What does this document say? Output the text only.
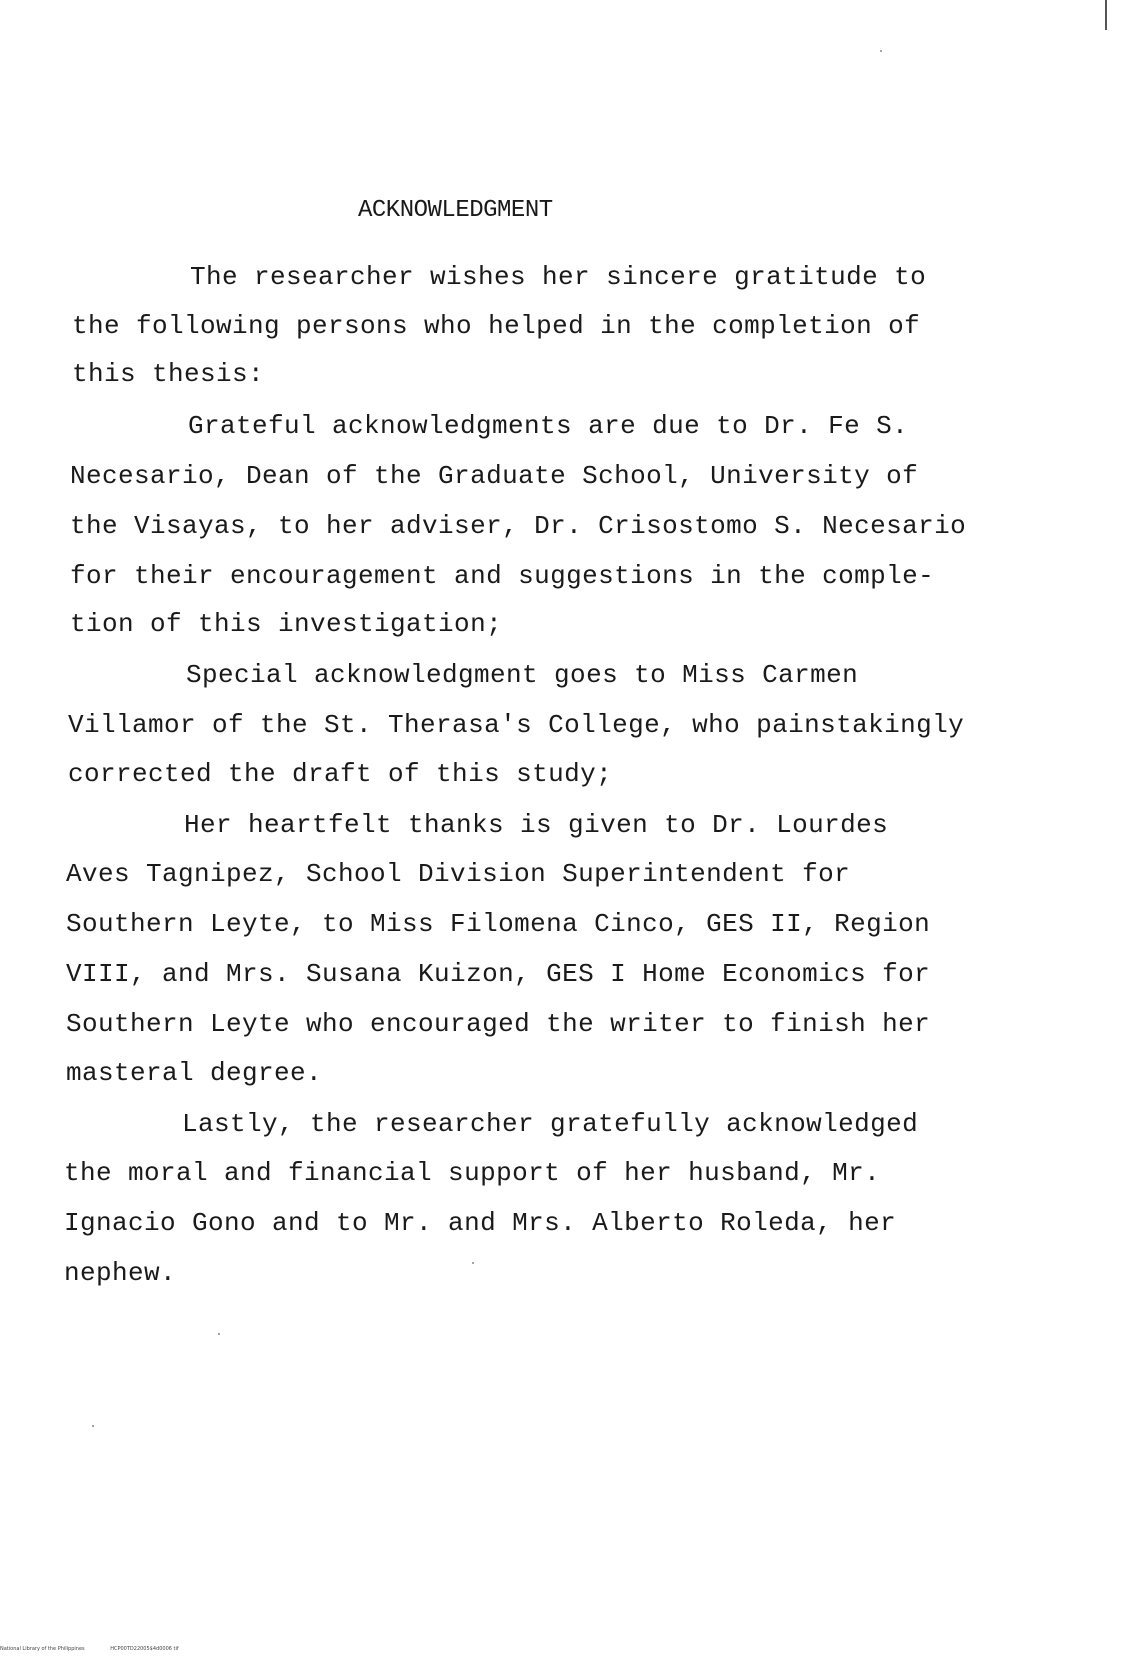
ACKNOWLEDGMENT
The researcher wishes her sincere gratitude to
the following persons who helped in the completion of
this thesis:
Grateful acknowledgments are due to Dr. Fe S.
Necesario, Dean of the Graduate School, University of
the Visayas, to her adviser, Dr. Crisostomo S. Necesario
for their encouragement and suggestions in the comple-
tion of this investigation;
Special acknowledgment goes to Miss Carmen
Villamor of the St. Therasa's College, who painstakingly
corrected the draft of this study;
Her heartfelt thanks is given to Dr. Lourdes
Aves Tagnipez, School Division Superintendent for
Southern Leyte, to Miss Filomena Cinco, GES II, Region
VIII, and Mrs. Susana Kuizon, GES I Home Economics for
Southern Leyte who encouraged the writer to finish her
masteral degree.
Lastly, the researcher gratefully acknowledged
the moral and financial support of her husband, Mr.
Ignacio Gono and to Mr. and Mrs. Alberto Roleda, her
nephew.
National Library of the Philippines	HCP00TD22005$4d0006 tif
